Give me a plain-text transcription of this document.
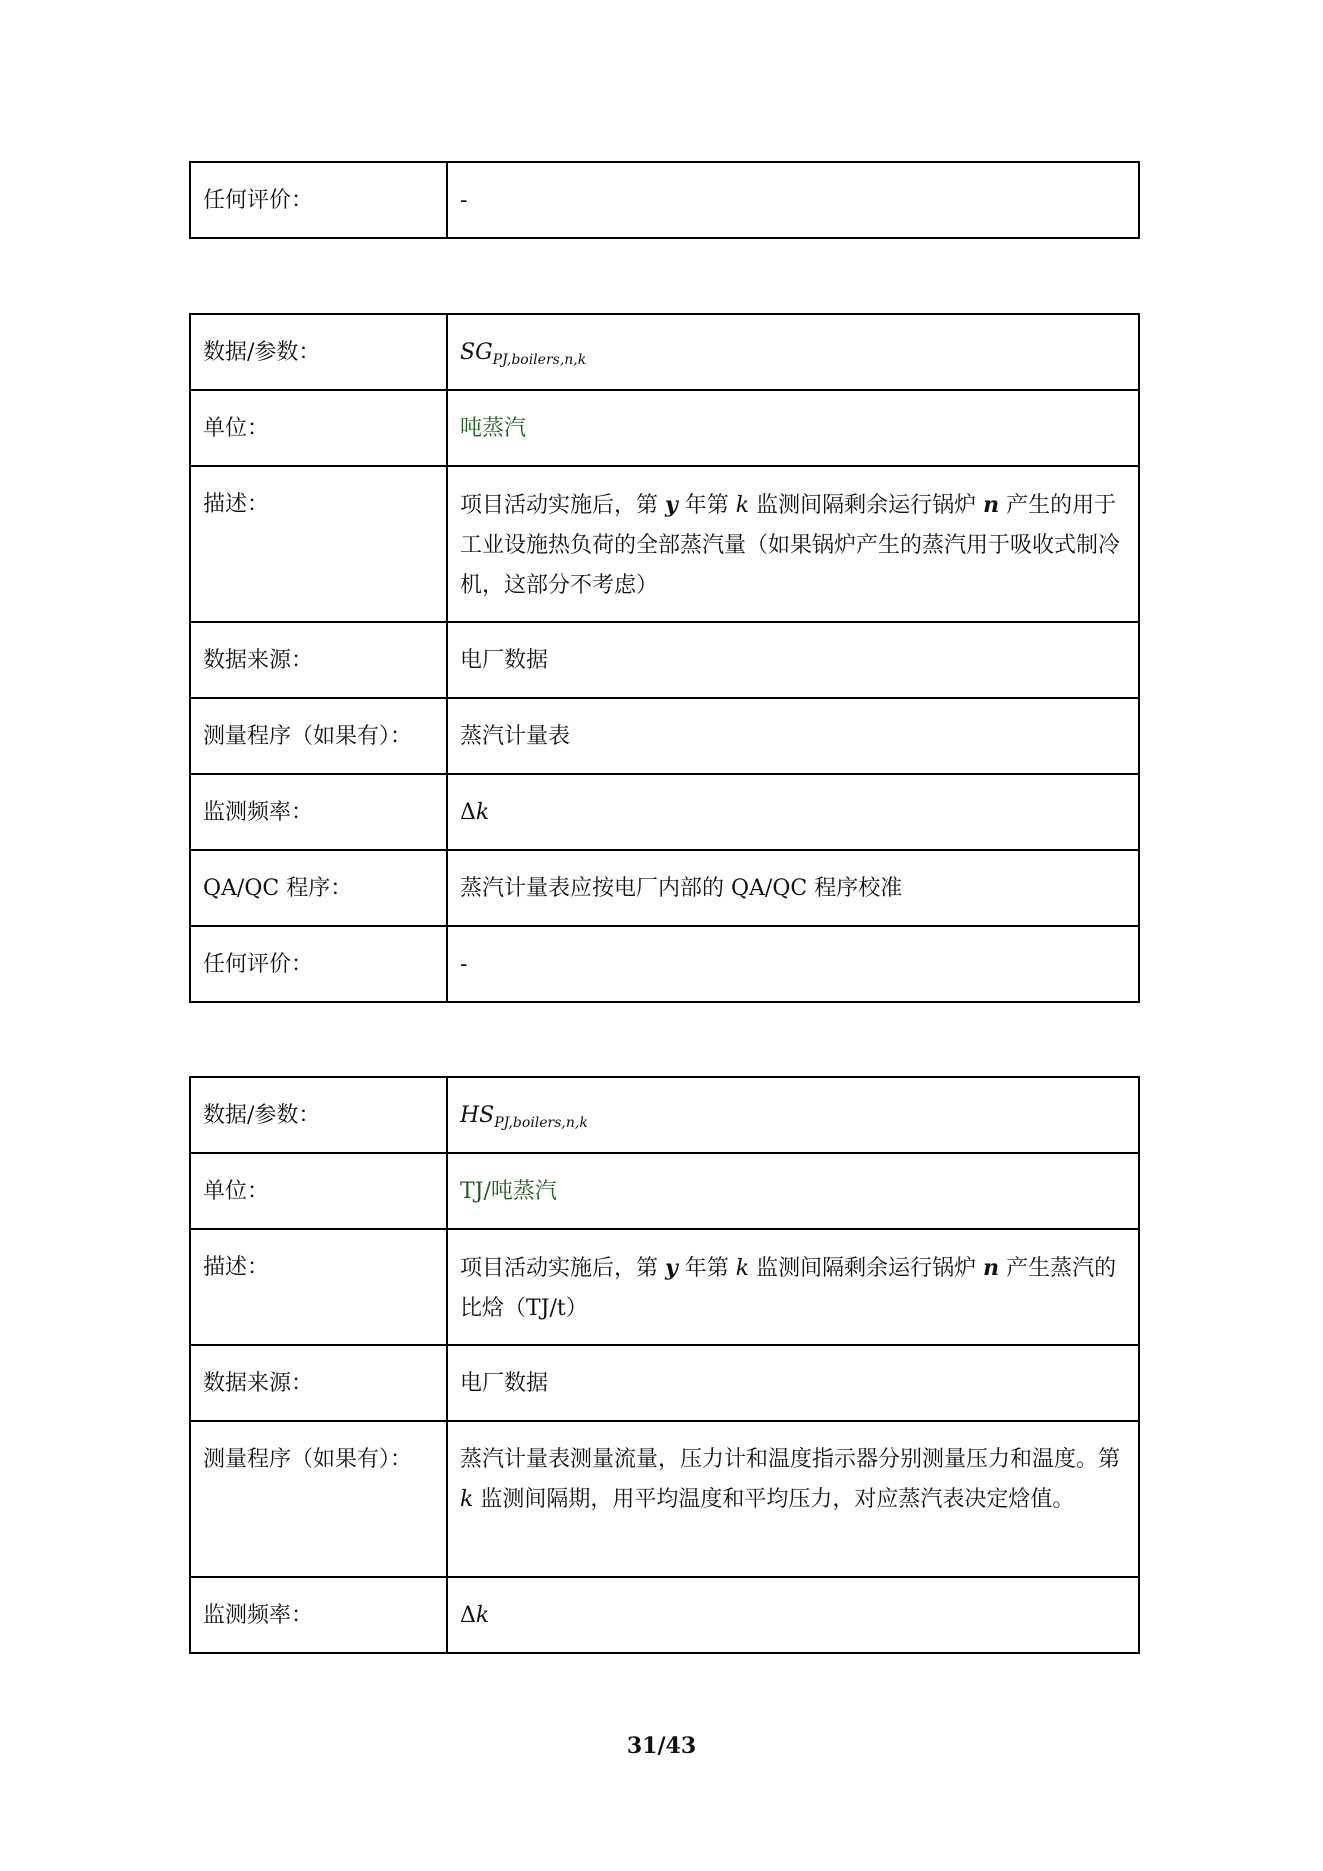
任何评价：	-
数据/参数：	$SG_{PJ,boilers,n,k}$
单位：	吨蒸汽
描述：	项目活动实施后，第 y 年第 k 监测间隔剩余运行锅炉 n 产生的用于工业设施热负荷的全部蒸汽量（如果锅炉产生的蒸汽用于吸收式制冷机，这部分不考虑）
数据来源：	电厂数据
测量程序（如果有）：	蒸汽计量表
监测频率：	Δk
QA/QC 程序：	蒸汽计量表应按电厂内部的 QA/QC 程序校准
任何评价：	-
数据/参数：	$HS_{PJ,boilers,n,k}$
单位：	TJ/吨蒸汽
描述：	项目活动实施后，第 y 年第 k 监测间隔剩余运行锅炉 n 产生蒸汽的比焓（TJ/t）
数据来源：	电厂数据
测量程序（如果有）：	蒸汽计量表测量流量，压力计和温度指示器分别测量压力和温度。第 k 监测间隔期，用平均温度和平均压力，对应蒸汽表决定焓值。
监测频率：	Δk
31/43
